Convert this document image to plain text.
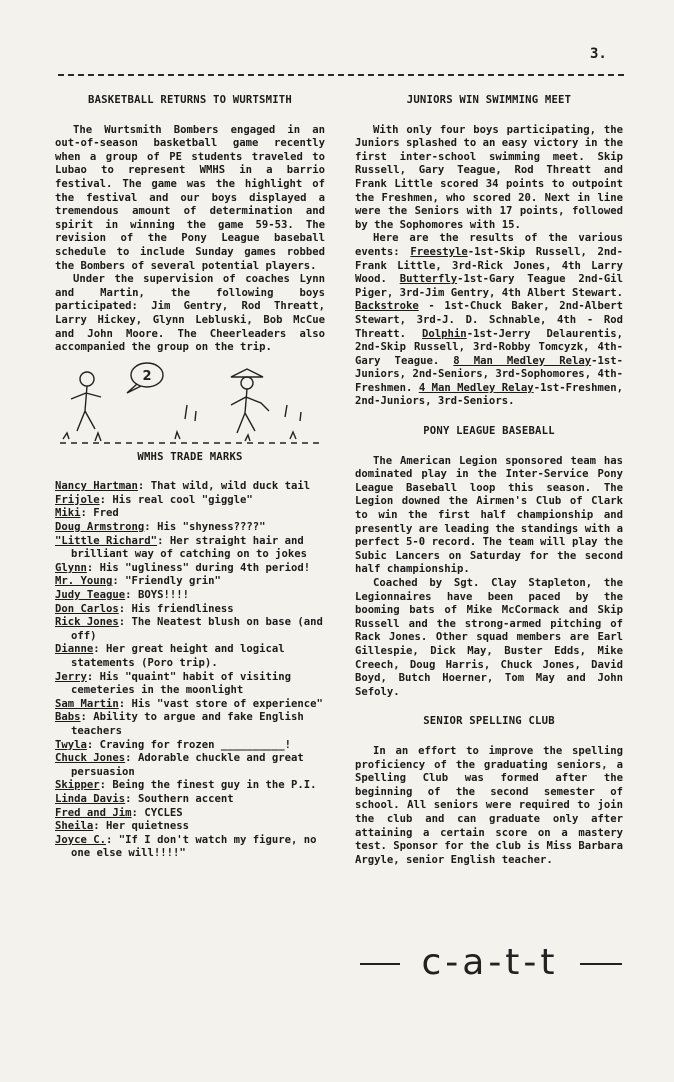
3.
BASKETBALL RETURNS TO WURTSMITH

The Wurtsmith Bombers engaged in an out-of-season basketball game recently when a group of PE students traveled to Lubao to represent WMHS in a barrio festival. The game was the highlight of the festival and our boys displayed a tremendous amount of determination and spirit in winning the game 59-53. The revision of the Pony League baseball schedule to include Sunday games robbed the Bombers of several potential players.

Under the supervision of coaches Lynn and Martin, the following boys participated: Jim Gentry, Rod Threatt, Larry Hickey, Glynn Lebluski, Bob McCue and John Moore. The Cheerleaders also accompanied the group on the trip.

2
WMHS TRADE MARKS

Nancy Hartman: That wild, wild duck tail

Frijole: His real cool "giggle"

Miki: Fred

Doug Armstrong: His "shyness????"

"Little Richard": Her straight hair and brilliant way of catching on to jokes

Glynn: His "ugliness" during 4th period!

Mr. Young: "Friendly grin"

Judy Teague: BOYS!!!!

Don Carlos: His friendliness

Rick Jones: The Neatest blush on base (and off)

Dianne: Her great height and logical statements (Poro trip).

Jerry: His "quaint" habit of visiting cemeteries in the moonlight

Sam Martin: His "vast store of experience"

Babs: Ability to argue and fake English teachers

Twyla: Craving for frozen __________!

Chuck Jones: Adorable chuckle and great persuasion

Skipper: Being the finest guy in the P.I.

Linda Davis: Southern accent

Fred and Jim: CYCLES

Sheila: Her quietness

Joyce C.: "If I don't watch my figure, no one else will!!!!"

JUNIORS WIN SWIMMING MEET

With only four boys participating, the Juniors splashed to an easy victory in the first inter-school swimming meet. Skip Russell, Gary Teague, Rod Threatt and Frank Little scored 34 points to outpoint the Freshmen, who scored 20. Next in line were the Seniors with 17 points, followed by the Sophomores with 15.

Here are the results of the various events: Freestyle-1st-Skip Russell, 2nd-Frank Little, 3rd-Rick Jones, 4th Larry Wood. Butterfly-1st-Gary Teague 2nd-Gil Piger, 3rd-Jim Gentry, 4th Albert Stewart. Backstroke - 1st-Chuck Baker, 2nd-Albert Stewart, 3rd-J. D. Schnable, 4th - Rod Threatt. Dolphin-1st-Jerry Delaurentis, 2nd-Skip Russell, 3rd-Robby Tomcyzk, 4th-Gary Teague. 8 Man Medley Relay-1st-Juniors, 2nd-Seniors, 3rd-Sophomores, 4th-Freshmen. 4 Man Medley Relay-1st-Freshmen, 2nd-Juniors, 3rd-Seniors.

PONY LEAGUE BASEBALL

The American Legion sponsored team has dominated play in the Inter-Service Pony League Baseball loop this season. The Legion downed the Airmen's Club of Clark to win the first half championship and presently are leading the standings with a perfect 5-0 record. The team will play the Subic Lancers on Saturday for the second half championship.

Coached by Sgt. Clay Stapleton, the Legionnaires have been paced by the booming bats of Mike McCormack and Skip Russell and the strong-armed pitching of Rack Jones. Other squad members are Earl Gillespie, Dick May, Buster Edds, Mike Creech, Doug Harris, Chuck Jones, David Boyd, Butch Hoerner, Tom May and John Sefoly.

SENIOR SPELLING CLUB

In an effort to improve the spelling proficiency of the graduating seniors, a Spelling Club was formed after the beginning of the second semester of school. All seniors were required to join the club and can graduate only after attaining a certain score on a mastery test. Sponsor for the club is Miss Barbara Argyle, senior English teacher.

c-a-t-t
